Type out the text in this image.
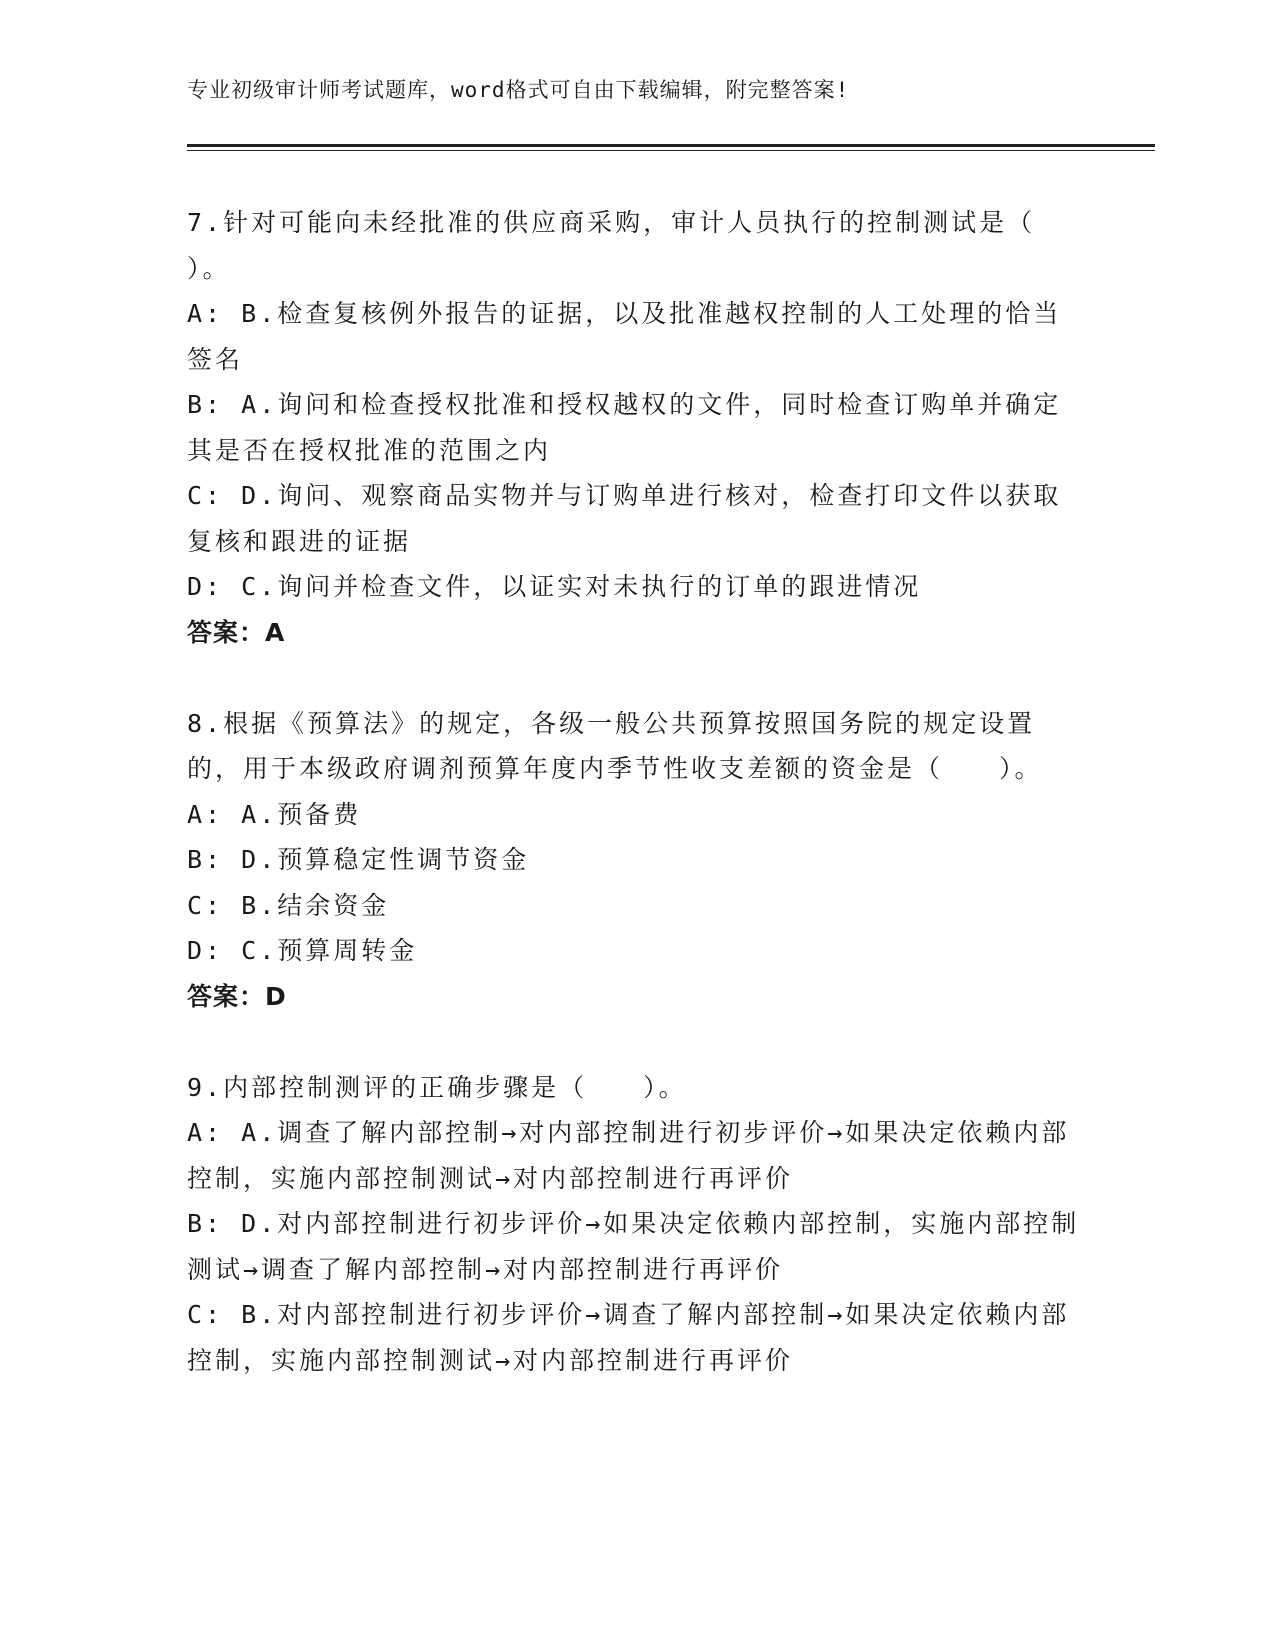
专业初级审计师考试题库，word格式可自由下载编辑，附完整答案!
7.针对可能向未经批准的供应商采购，审计人员执行的控制测试是（　　）。
A: B.检查复核例外报告的证据，以及批准越权控制的人工处理的恰当签名
B: A.询问和检查授权批准和授权越权的文件，同时检查订购单并确定其是否在授权批准的范围之内
C: D.询问、观察商品实物并与订购单进行核对，检查打印文件以获取复核和跟进的证据
D: C.询问并检查文件，以证实对未执行的订单的跟进情况
答案：A
8.根据《预算法》的规定，各级一般公共预算按照国务院的规定设置的，用于本级政府调剂预算年度内季节性收支差额的资金是（　　）。
A: A.预备费
B: D.预算稳定性调节资金
C: B.结余资金
D: C.预算周转金
答案：D
9.内部控制测评的正确步骤是（　　）。
A: A.调查了解内部控制→对内部控制进行初步评价→如果决定依赖内部控制，实施内部控制测试→对内部控制进行再评价
B: D.对内部控制进行初步评价→如果决定依赖内部控制，实施内部控制测试→调查了解内部控制→对内部控制进行再评价
C: B.对内部控制进行初步评价→调查了解内部控制→如果决定依赖内部控制，实施内部控制测试→对内部控制进行再评价
